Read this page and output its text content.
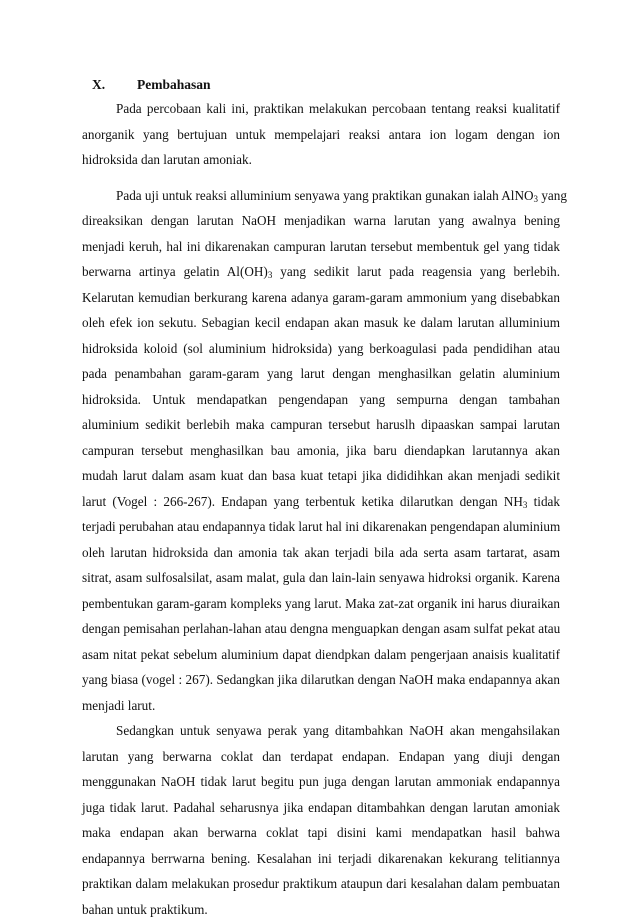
X. Pembahasan
Pada percobaan kali ini, praktikan melakukan percobaan tentang reaksi kualitatif
anorganik yang bertujuan untuk mempelajari reaksi antara ion logam dengan ion
hidroksida dan larutan amoniak.
Pada uji untuk reaksi alluminium senyawa yang praktikan gunakan ialah AlNO$_3$ yang
direaksikan dengan larutan NaOH menjadikan warna larutan yang awalnya bening
menjadi keruh, hal ini dikarenakan campuran larutan tersebut membentuk gel yang tidak
berwarna artinya gelatin $Al(OH)_3$ yang sedikit larut pada reagensia yang berlebih.
Kelarutan kemudian berkurang karena adanya garam-garam ammonium yang disebabkan
oleh efek ion sekutu. Sebagian kecil endapan akan masuk ke dalam larutan alluminium
hidroksida koloid (sol aluminium hidroksida) yang berkoagulasi pada pendidihan atau
pada penambahan garam-garam yang larut dengan menghasilkan gelatin aluminium
hidroksida. Untuk mendapatkan pengendapan yang sempurna dengan tambahan
aluminium sedikit berlebih maka campuran tersebut haruslh dipaaskan sampai larutan
campuran tersebut menghasilkan bau amonia, jika baru diendapkan larutannya akan
mudah larut dalam asam kuat dan basa kuat tetapi jika dididihkan akan menjadi sedikit
larut (Vogel : 266-267). Endapan yang terbentuk ketika dilarutkan dengan $NH_3$ tidak
terjadi perubahan atau endapannya tidak larut hal ini dikarenakan pengendapan aluminium
oleh larutan hidroksida dan amonia tak akan terjadi bila ada serta asam tartarat, asam
sitrat, asam sulfosalsilat, asam malat, gula dan lain-lain senyawa hidroksi organik. Karena
pembentukan garam-garam kompleks yang larut. Maka zat-zat organik ini harus diuraikan
dengan pemisahan perlahan-lahan atau dengna menguapkan dengan asam sulfat pekat atau
asam nitat pekat sebelum aluminium dapat diendpkan dalam pengerjaan anaisis kualitatif
yang biasa (vogel : 267). Sedangkan jika dilarutkan dengan NaOH maka endapannya akan
menjadi larut.
Sedangkan untuk senyawa perak yang ditambahkan NaOH akan mengahsilakan
larutan yang berwarna coklat dan terdapat endapan. Endapan yang diuji dengan
menggunakan NaOH tidak larut begitu pun juga dengan larutan ammoniak endapannya
juga tidak larut. Padahal seharusnya jika endapan ditambahkan dengan larutan amoniak
maka endapan akan berwarna coklat tapi disini kami mendapatkan hasil bahwa
endapannya berrwarna bening. Kesalahan ini terjadi dikarenakan kekurang telitiannya
praktikan dalam melakukan prosedur praktikum ataupun dari kesalahan dalam pembuatan
bahan untuk praktikum.
